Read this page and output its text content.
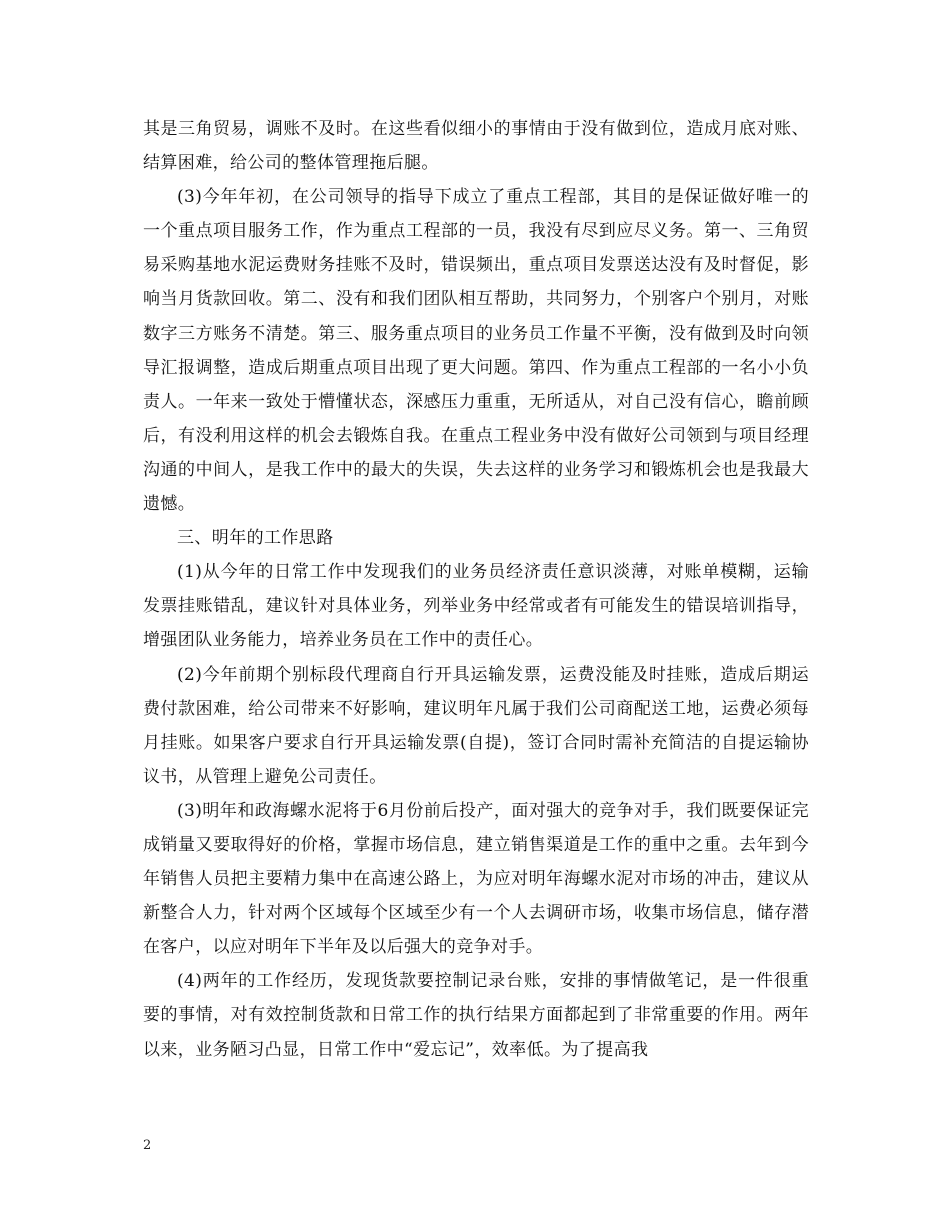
其是三角贸易，调账不及时。在这些看似细小的事情由于没有做到位，造成月底对账、结算困难，给公司的整体管理拖后腿。

(3)今年年初，在公司领导的指导下成立了重点工程部，其目的是保证做好唯一的一个重点项目服务工作，作为重点工程部的一员，我没有尽到应尽义务。第一、三角贸易采购基地水泥运费财务挂账不及时，错误频出，重点项目发票送达没有及时督促，影响当月货款回收。第二、没有和我们团队相互帮助，共同努力，个别客户个别月，对账数字三方账务不清楚。第三、服务重点项目的业务员工作量不平衡，没有做到及时向领导汇报调整，造成后期重点项目出现了更大问题。第四、作为重点工程部的一名小小负责人。一年来一致处于懵懂状态，深感压力重重，无所适从，对自己没有信心，瞻前顾后，有没利用这样的机会去锻炼自我。在重点工程业务中没有做好公司领到与项目经理沟通的中间人，是我工作中的最大的失误，失去这样的业务学习和锻炼机会也是我最大遗憾。

三、明年的工作思路

(1)从今年的日常工作中发现我们的业务员经济责任意识淡薄，对账单模糊，运输发票挂账错乱，建议针对具体业务，列举业务中经常或者有可能发生的错误培训指导，增强团队业务能力，培养业务员在工作中的责任心。

(2)今年前期个别标段代理商自行开具运输发票，运费没能及时挂账，造成后期运费付款困难，给公司带来不好影响，建议明年凡属于我们公司商配送工地，运费必须每月挂账。如果客户要求自行开具运输发票(自提)，签订合同时需补充简洁的自提运输协议书，从管理上避免公司责任。

(3)明年和政海螺水泥将于6月份前后投产，面对强大的竞争对手，我们既要保证完成销量又要取得好的价格，掌握市场信息，建立销售渠道是工作的重中之重。去年到今年销售人员把主要精力集中在高速公路上，为应对明年海螺水泥对市场的冲击，建议从新整合人力，针对两个区域每个区域至少有一个人去调研市场，收集市场信息，储存潜在客户，以应对明年下半年及以后强大的竞争对手。

(4)两年的工作经历，发现货款要控制记录台账，安排的事情做笔记，是一件很重要的事情，对有效控制货款和日常工作的执行结果方面都起到了非常重要的作用。两年以来，业务陋习凸显，日常工作中“爱忘记”，效率低。为了提高我

2
